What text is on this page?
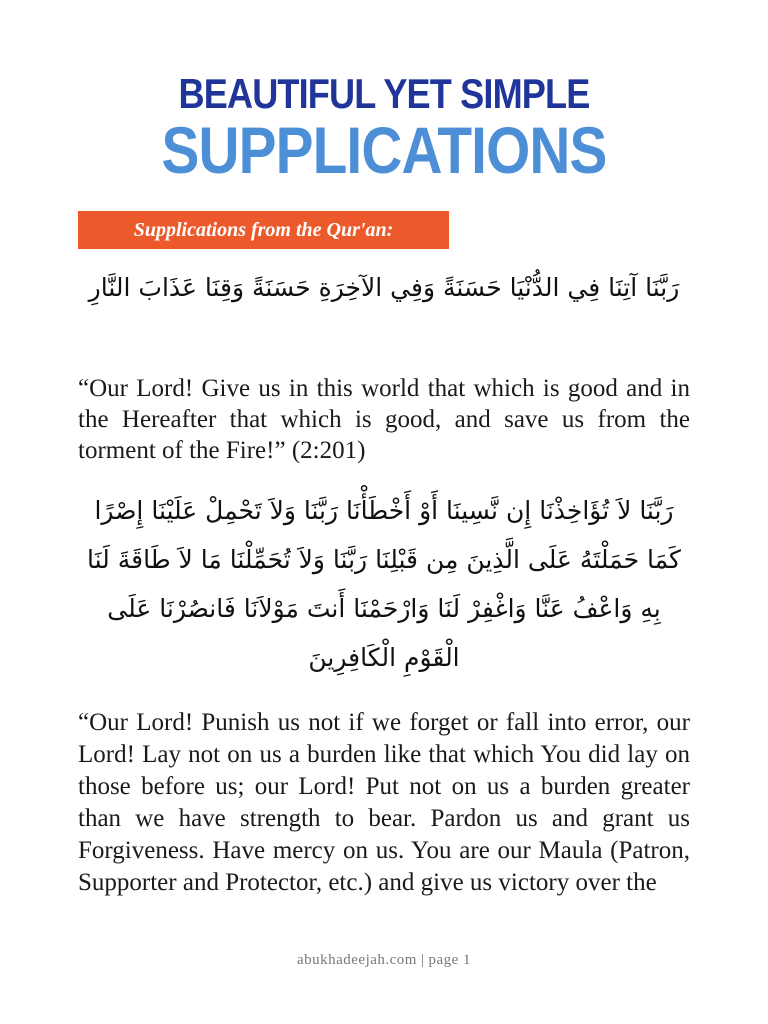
BEAUTIFUL YET SIMPLE
SUPPLICATIONS
Supplications from the Qur'an:
رَبَّنَا آتِنَا فِي الدُّنْيَا حَسَنَةً وَفِي الآخِرَةِ حَسَنَةً وَقِنَا عَذَابَ النَّارِ
“Our Lord! Give us in this world that which is good and in the Hereafter that which is good, and save us from the torment of the Fire!” (2:201)
رَبَّنَا لاَ تُؤَاخِذْنَا إِن نَّسِينَا أَوْ أَخْطَأْنَا رَبَّنَا وَلاَ تَحْمِلْ عَلَيْنَا إِصْرًا كَمَا حَمَلْتَهُ عَلَى الَّذِينَ مِن قَبْلِنَا رَبَّنَا وَلاَ تُحَمِّلْنَا مَا لاَ طَاقَةَ لَنَا بِهِ وَاعْفُ عَنَّا وَاغْفِرْ لَنَا وَارْحَمْنَا أَنتَ مَوْلاَنَا فَانصُرْنَا عَلَى الْقَوْمِ الْكَافِرِينَ
“Our Lord! Punish us not if we forget or fall into error, our Lord! Lay not on us a burden like that which You did lay on those before us; our Lord! Put not on us a burden greater than we have strength to bear. Pardon us and grant us Forgiveness. Have mercy on us. You are our Maula (Patron, Supporter and Protector, etc.) and give us victory over the
abukhadeejah.com | page 1
